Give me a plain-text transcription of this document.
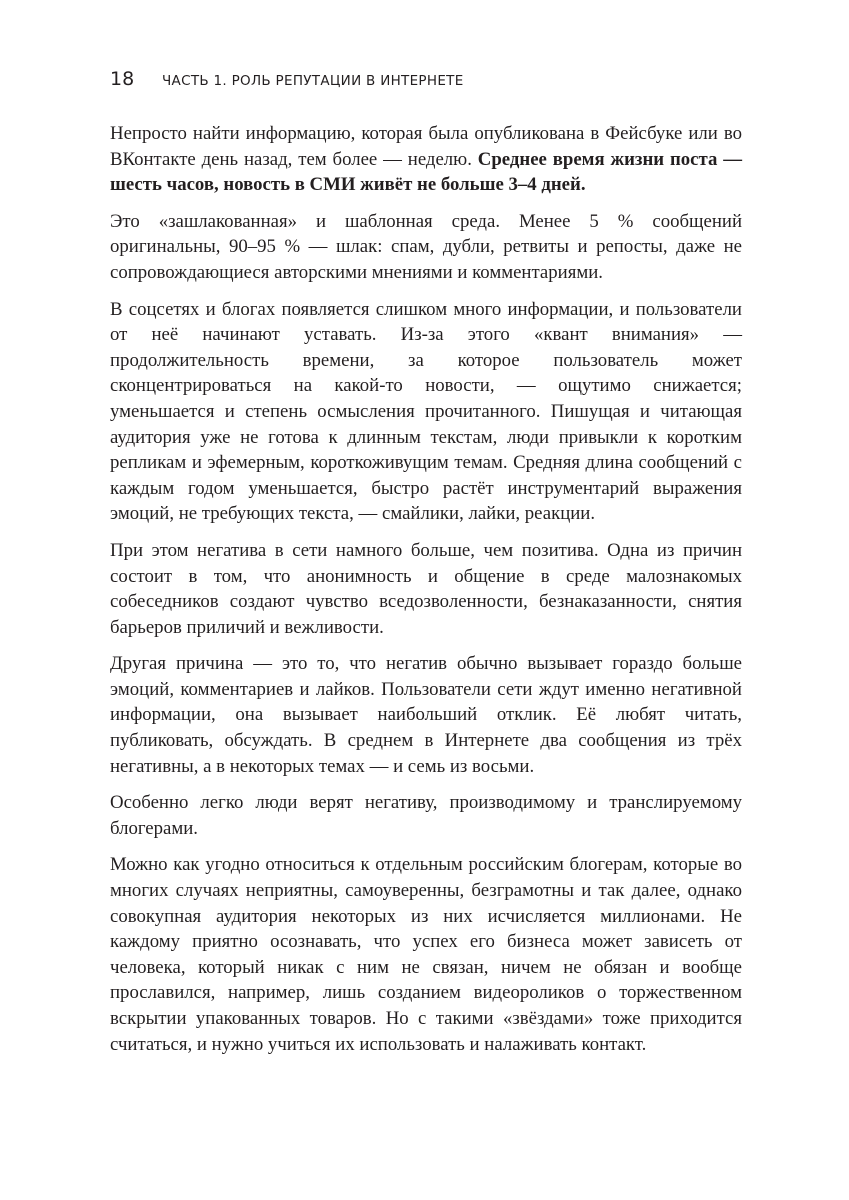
18	ЧАСТЬ 1. РОЛЬ РЕПУТАЦИИ В ИНТЕРНЕТЕ

Непросто найти информацию, которая была опубликована в Фейсбуке или во ВКонтакте день назад, тем более — неделю. Среднее время жизни поста — шесть часов, новость в СМИ живёт не больше 3–4 дней.

Это «зашлакованная» и шаблонная среда. Менее 5 % сообщений оригинальны, 90–95 % — шлак: спам, дубли, ретвиты и репосты, даже не сопровождающиеся авторскими мнениями и комментариями.

В соцсетях и блогах появляется слишком много информации, и пользователи от неё начинают уставать. Из-за этого «квант внимания» — продолжительность времени, за которое пользователь может сконцентрироваться на какой-то новости, — ощутимо снижается; уменьшается и степень осмысления прочитанного. Пишущая и читающая аудитория уже не готова к длинным текстам, люди привыкли к коротким репликам и эфемерным, короткоживущим темам. Средняя длина сообщений с каждым годом уменьшается, быстро растёт инструментарий выражения эмоций, не требующих текста, — смайлики, лайки, реакции.

При этом негатива в сети намного больше, чем позитива. Одна из причин состоит в том, что анонимность и общение в среде малознакомых собеседников создают чувство вседозволенности, безнаказанности, снятия барьеров приличий и вежливости.

Другая причина — это то, что негатив обычно вызывает гораздо больше эмоций, комментариев и лайков. Пользователи сети ждут именно негативной информации, она вызывает наибольший отклик. Её любят читать, публиковать, обсуждать. В среднем в Интернете два сообщения из трёх негативны, а в некоторых темах — и семь из восьми.

Особенно легко люди верят негативу, производимому и транслируемому блогерами.

Можно как угодно относиться к отдельным российским блогерам, которые во многих случаях неприятны, самоуверенны, безграмотны и так далее, однако совокупная аудитория некоторых из них исчисляется миллионами. Не каждому приятно осознавать, что успех его бизнеса может зависеть от человека, который никак с ним не связан, ничем не обязан и вообще прославился, например, лишь созданием видеороликов о торжественном вскрытии упакованных товаров. Но с такими «звёздами» тоже приходится считаться, и нужно учиться их использовать и налаживать контакт.
